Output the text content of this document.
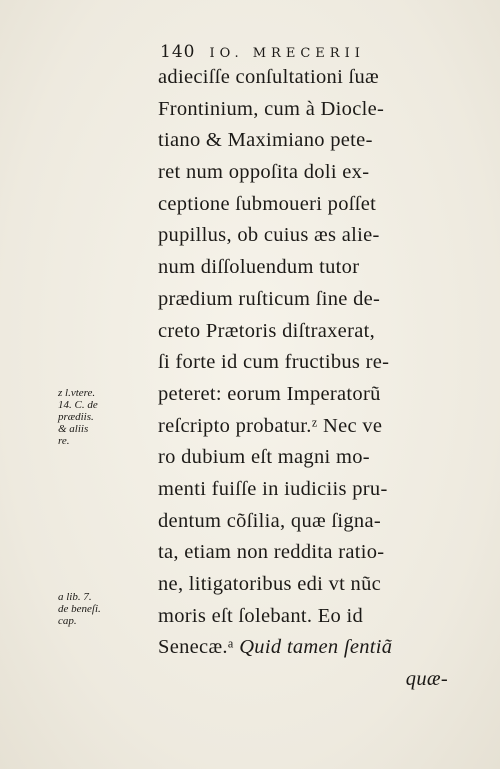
140 IO. MRECERII
adieciſſe conſultationi ſuæ
Frontinium, cum à Diocle-
tiano & Maximiano pete-
ret num oppoſita doli ex-
ceptione ſubmoueri poſſet
pupillus, ob cuius æs alie-
num diſſoluendum tutor
prædium ruſticum ſine de-
creto Prætoris diſtraxerat,
ſi forte id cum fructibus re-
peteret: eorum Imperatorũ
reſcripto probatur.ᶻ Nec ve
ro dubium eſt magni mo-
menti fuiſſe in iudiciis pru-
dentum cõſilia, quæ ſigna-
ta, etiam non reddita ratio-
ne, litigatoribus edi vt nũc
moris eſt ſolebant. Eo id
Senecæ.ᵃ Quid tamen ſentiã
quæ-
z l.vtere.
14. C. de
prædiis.
& aliis
re.
a lib. 7.
de beneſi.
cap.
